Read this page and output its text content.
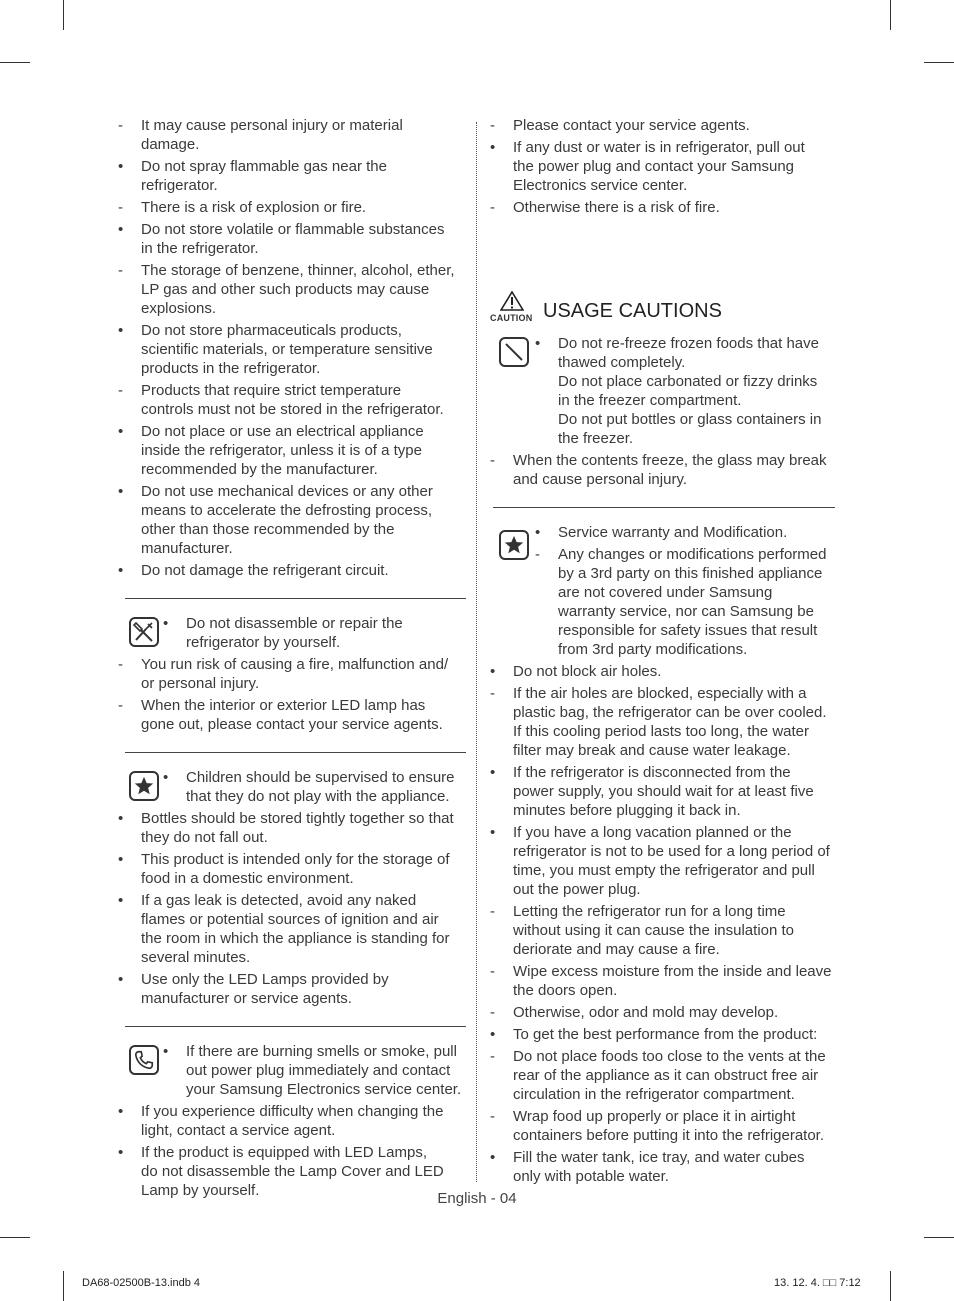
-	It may cause personal injury or material
damage.
•	Do not spray flammable gas near the
refrigerator.
-	There is a risk of explosion or fire.
•	Do not store volatile or flammable substances
in the refrigerator.
-	The storage of benzene, thinner, alcohol, ether,
LP gas and other such products may cause
explosions.
•	Do not store pharmaceuticals products,
scientific materials, or temperature sensitive
products in the refrigerator.
-	Products that require strict temperature
controls must not be stored in the refrigerator.
•	Do not place or use an electrical appliance
inside the refrigerator, unless it is of a type
recommended by the manufacturer.
•	Do not use mechanical devices or any other
means to accelerate the defrosting process,
other than those recommended by the
manufacturer.
•	Do not damage the refrigerant circuit.
•	Do not disassemble or repair the
refrigerator by yourself.
-	You run risk of causing a fire, malfunction and/
or personal injury.
-	When the interior or exterior LED lamp has
gone out, please contact your service agents.
•	Children should be supervised to ensure
that they do not play with the appliance.
•	Bottles should be stored tightly together so that
they do not fall out.
•	This product is intended only for the storage of
food in a domestic environment.
•	If a gas leak is detected, avoid any naked
flames or potential sources of ignition and air
the room in which the appliance is standing for
several minutes.
•	Use only the LED Lamps provided by
manufacturer or service agents.
•	If there are burning smells or smoke, pull
out power plug immediately and contact
your Samsung Electronics service center.
•	If you experience difficulty when changing the
light, contact a service agent.
•	If the product is equipped with LED Lamps,
do not disassemble the Lamp Cover and LED
Lamp by yourself.
-	Please contact your service agents.
•	If any dust or water is in refrigerator, pull out
the power plug and contact your Samsung
Electronics service center.
-	Otherwise there is a risk of fire.
CAUTION USAGE CAUTIONS
•	Do not re-freeze frozen foods that have
thawed completely.
Do not place carbonated or fizzy drinks
in the freezer compartment.
Do not put bottles or glass containers in
the freezer.
-	When the contents freeze, the glass may break
and cause personal injury.
•	Service warranty and Modification.
-	Any changes or modifications performed
by a 3rd party on this finished appliance
are not covered under Samsung
warranty service, nor can Samsung be
responsible for safety issues that result
from 3rd party modifications.
•	Do not block air holes.
-	If the air holes are blocked, especially with a
plastic bag, the refrigerator can be over cooled.
If this cooling period lasts too long, the water
filter may break and cause water leakage.
•	If the refrigerator is disconnected from the
power supply, you should wait for at least five
minutes before plugging it back in.
•	If you have a long vacation planned or the
refrigerator is not to be used for a long period of
time, you must empty the refrigerator and pull
out the power plug.
-	Letting the refrigerator run for a long time
without using it can cause the insulation to
deriorate and may cause a fire.
-	Wipe excess moisture from the inside and leave
the doors open.
-	Otherwise, odor and mold may develop.
•	To get the best performance from the product:
-	Do not place foods too close to the vents at the
rear of the appliance as it can obstruct free air
circulation in the refrigerator compartment.
-	Wrap food up properly or place it in airtight
containers before putting it into the refrigerator.
•	Fill the water tank, ice tray, and water cubes
only with potable water.
English - 04
DA68-02500B-13.indb 4	13. 12. 4. □□ 7:12
